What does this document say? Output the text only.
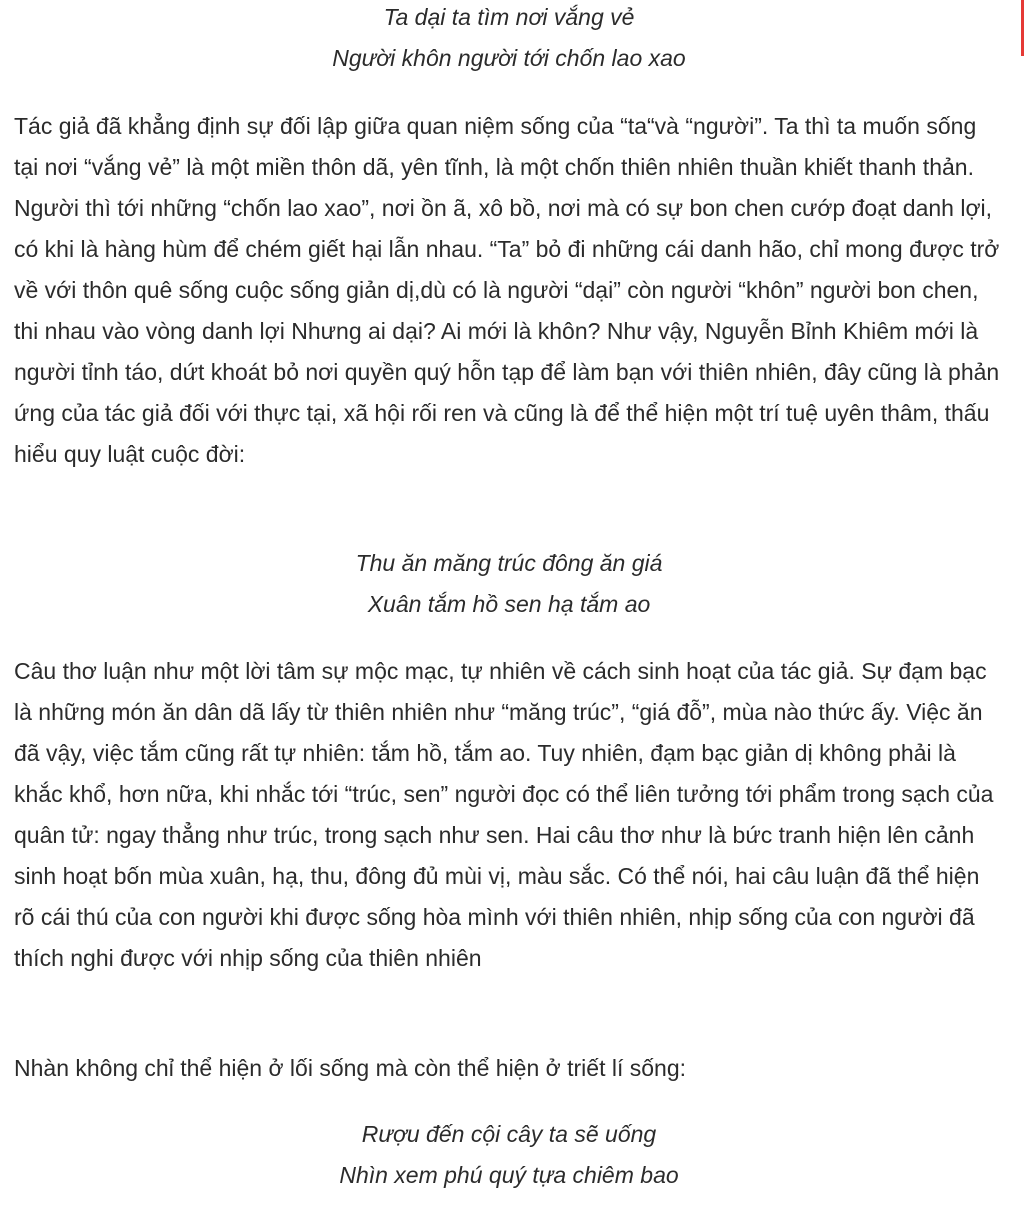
Ta dại ta tìm nơi vắng vẻ
Người khôn người tới chốn lao xao

Tác giả đã khẳng định sự đối lập giữa quan niệm sống của “ta“và “người”. Ta thì ta muốn sống tại nơi “vắng vẻ” là một miền thôn dã, yên tĩnh, là một chốn thiên nhiên thuần khiết thanh thản. Người thì tới những “chốn lao xao”, nơi ồn ã, xô bồ, nơi mà có sự bon chen cướp đoạt danh lợi, có khi là hàng hùm để chém giết hại lẫn nhau. “Ta” bỏ đi những cái danh hão, chỉ mong được trở về với thôn quê sống cuộc sống giản dị,dù có là người “dại” còn người “khôn” người bon chen, thi nhau vào vòng danh lợi Nhưng ai dại? Ai mới là khôn? Như vậy, Nguyễn Bỉnh Khiêm mới là người tỉnh táo, dứt khoát bỏ nơi quyền quý hỗn tạp để làm bạn với thiên nhiên, đây cũng là phản ứng của tác giả đối với thực tại, xã hội rối ren và cũng là để thể hiện một trí tuệ uyên thâm, thấu hiểu quy luật cuộc đời:

Thu ăn măng trúc đông ăn giá
Xuân tắm hồ sen hạ tắm ao

Câu thơ luận như một lời tâm sự mộc mạc, tự nhiên về cách sinh hoạt của tác giả. Sự đạm bạc là những món ăn dân dã lấy từ thiên nhiên như “măng trúc”, “giá đỗ”, mùa nào thức ấy. Việc ăn đã vậy, việc tắm cũng rất tự nhiên: tắm hồ, tắm ao. Tuy nhiên, đạm bạc giản dị không phải là khắc khổ, hơn nữa, khi nhắc tới “trúc, sen” người đọc có thể liên tưởng tới phẩm trong sạch của quân tử: ngay thẳng như trúc, trong sạch như sen. Hai câu thơ như là bức tranh hiện lên cảnh sinh hoạt bốn mùa xuân, hạ, thu, đông đủ mùi vị, màu sắc. Có thể nói, hai câu luận đã thể hiện rõ cái thú của con người khi được sống hòa mình với thiên nhiên, nhịp sống của con người đã thích nghi được với nhịp sống của thiên nhiên

Nhàn không chỉ thể hiện ở lối sống mà còn thể hiện ở triết lí sống:

Rượu đến cội cây ta sẽ uống
Nhìn xem phú quý tựa chiêm bao
